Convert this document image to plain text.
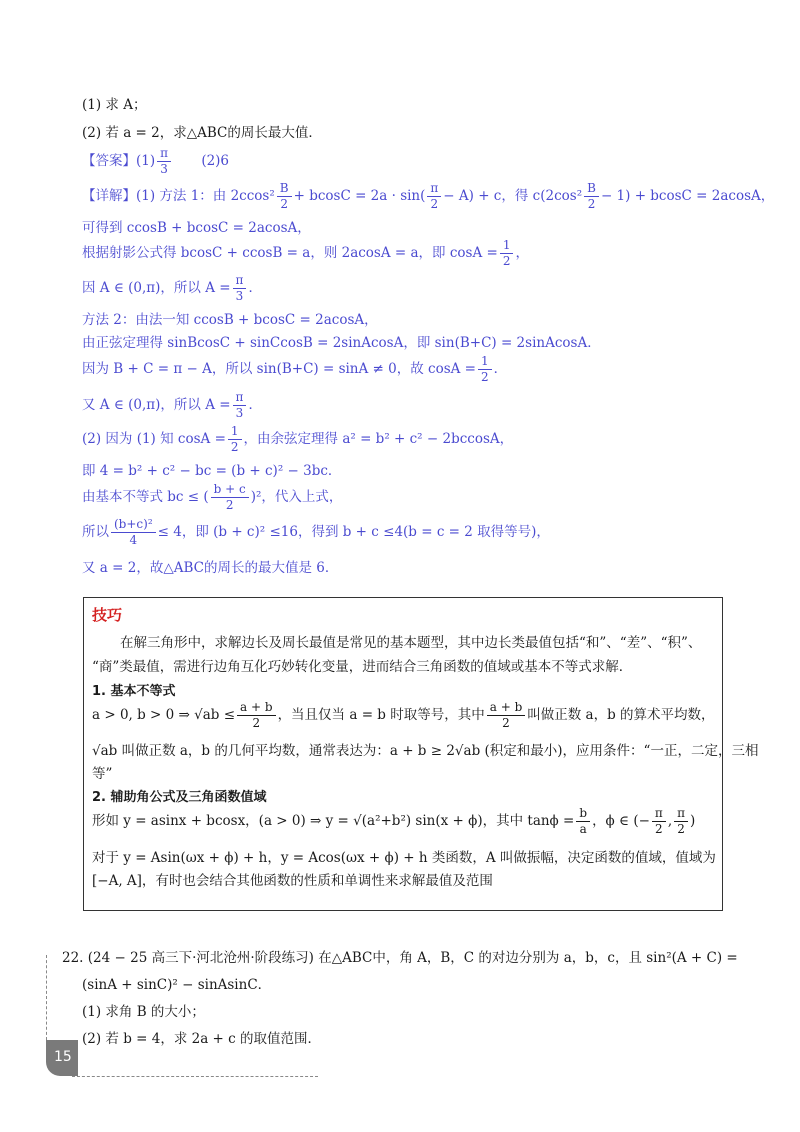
(1) 求 A；
(2) 若 a = 2，求△ABC的周长最大值．
【答案】$(1) \frac{\pi}{3} (2)6$
【详解】(1) 方法 1：由 $2ccos^2 \frac{B}{2} + bcosC = 2a \cdot \sin( \frac{\pi}{2} - A) + c$，得 $c(2\cos^2 \frac{B}{2} - 1) + bcosC = 2acosA$，
可得到 ccosB + bcosC = 2acosA，
根据射影公式得 bcosC + ccosB = a，则 2acosA = a，即 $\cos A = \frac{1}{2}$ ，
因 A ∈ (0,π)，所以 $A = \frac{\pi}{3}$ ．
方法 2：由法一知 ccosB + bcosC = 2acosA，
由正弦定理得 sinBcosC + sinCcosB = 2sinAcosA，即 sin(B+C) = 2sinAcosA．
因为 B + C = π − A，所以 sin(B+C) = sinA ≠ 0，故 $\cos A = \frac{1}{2}$ ．
又 A ∈ (0,π)，所以 $A = \frac{\pi}{3}$ ．
(2) 因为 (1) 知 $\cos A = \frac{1}{2}$ ，由余弦定理得 a² = b² + c² − 2bccosA，
即 4 = b² + c² − bc = (b + c)² − 3bc．
由基本不等式 bc ≤ ( $\frac{b + c}{2} )^2$，代入上式，
所以 $\frac{\text{(b+c)²}}{4} \le 4$，即 (b + c)² ≤16，得到 b + c ≤4(b = c = 2 取得等号)，
又 a = 2，故△ABC的周长的最大值是 6．
技巧
在解三角形中，求解边长及周长最值是常见的基本题型，其中边长类最值包括“和”、“差”、“积”、
“商”类最值，需进行边角互化巧妙转化变量，进而结合三角函数的值域或基本不等式求解．
1. 基本不等式
a > 0, b > 0 ⇒ $√ab \le \frac{a + b}{2}$ ，当且仅当 a = b 时取等号，其中 $\frac{a + b}{2}$ 叫做正数 a，b 的算术平均数，
√ab 叫做正数 a，b 的几何平均数，通常表达为：a + b ≥ 2√ab (积定和最小)，应用条件：“一正，二定，三相
等”
2. 辅助角公式及三角函数值域
形如 y = asinx + bcosx，(a > 0) ⇒ y = √(a²+b²) sin(x + ϕ)，其中 $\tan\phi = \frac{b}{a}$ ，ϕ ∈ (− $\frac{\pi}{2}$ , $\frac{\pi}{2}$ )
对于 y = Asin(ωx + ϕ) + h，y = Acos(ωx + ϕ) + h 类函数，A 叫做振幅，决定函数的值域，值域为
[−A, A]，有时也会结合其他函数的性质和单调性来求解最值及范围
22. (24 − 25 高三下·河北沧州·阶段练习) 在△ABC中，角 A，B，C 的对边分别为 a，b，c，且 sin²(A + C) =
(sinA + sinC)² − sinAsinC．
(1) 求角 B 的大小；
(2) 若 b = 4，求 2a + c 的取值范围．
15
